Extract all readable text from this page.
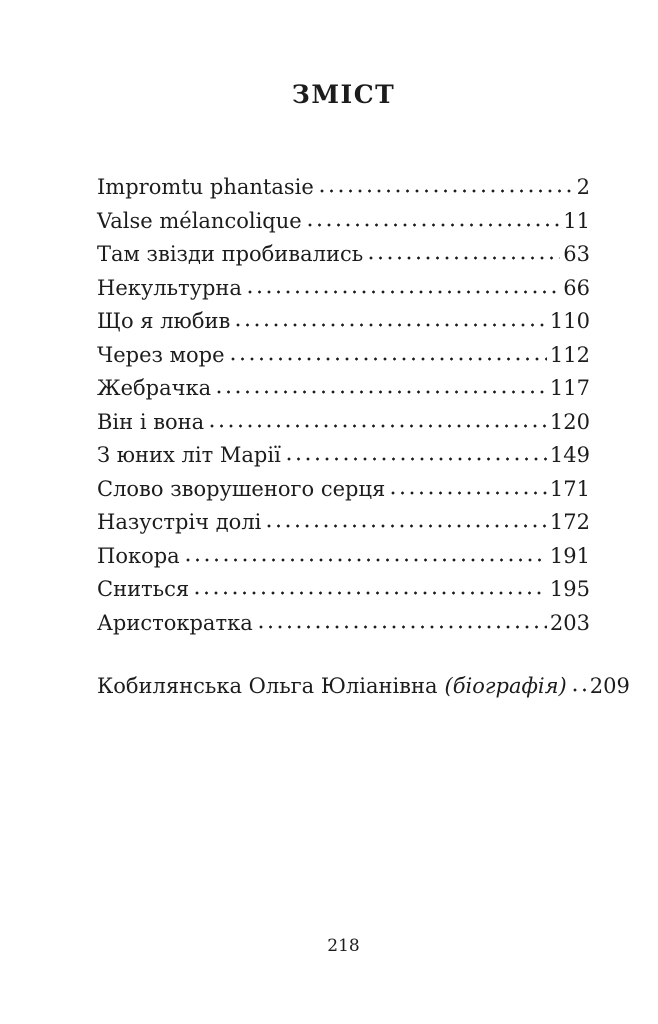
ЗМІСТ
Impromtu phantasie	2
Valse mélancolique	11
Там звізди пробивались	63
Некультурна	66
Що я любив	110
Через море	112
Жебрачка	117
Він і вона	120
З юних літ Марії	149
Слово зворушеного серця	171
Назустріч долі	172
Покора	191
Сниться	195
Аристократка	203
Кобилянська Ольга Юліанівна (біографія) 209
218
